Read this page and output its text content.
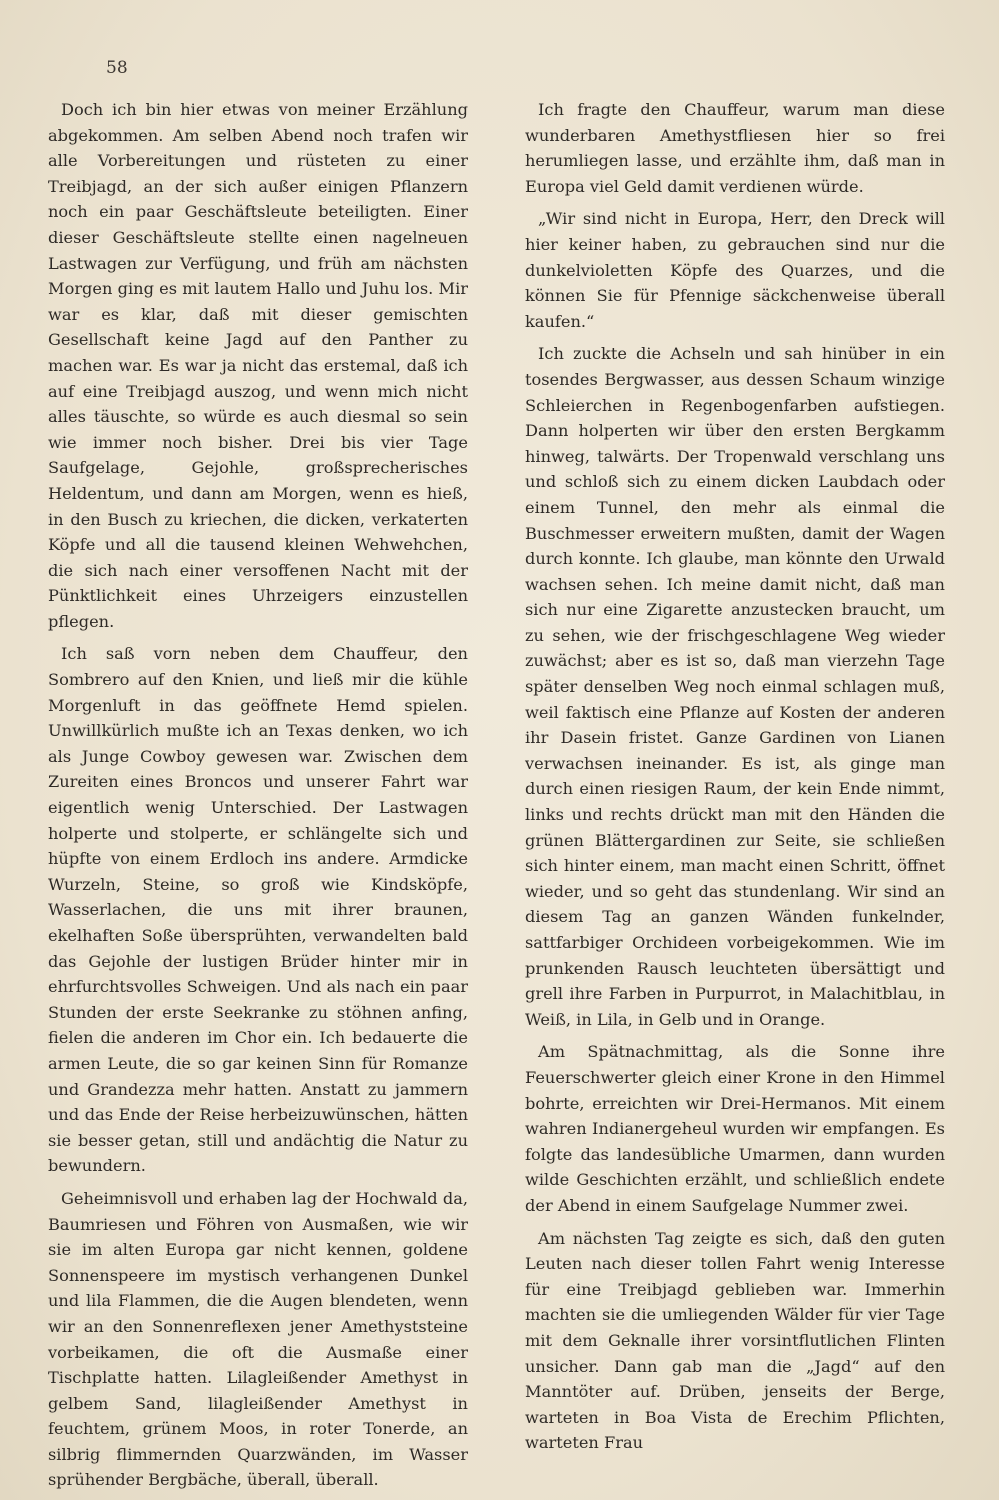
58

Doch ich bin hier etwas von meiner Erzählung abgekommen. Am selben Abend noch trafen wir alle Vorbereitungen und rüsteten zu einer Treibjagd, an der sich außer einigen Pflanzern noch ein paar Geschäftsleute beteiligten. Einer dieser Geschäftsleute stellte einen nagelneuen Lastwagen zur Verfügung, und früh am nächsten Morgen ging es mit lautem Hallo und Juhu los. Mir war es klar, daß mit dieser gemischten Gesellschaft keine Jagd auf den Panther zu machen war. Es war ja nicht das erstemal, daß ich auf eine Treibjagd auszog, und wenn mich nicht alles täuschte, so würde es auch diesmal so sein wie immer noch bisher. Drei bis vier Tage Saufgelage, Gejohle, großsprecherisches Heldentum, und dann am Morgen, wenn es hieß, in den Busch zu kriechen, die dicken, verkaterten Köpfe und all die tausend kleinen Wehwehchen, die sich nach einer versoffenen Nacht mit der Pünktlichkeit eines Uhrzeigers einzustellen pflegen.

Ich saß vorn neben dem Chauffeur, den Sombrero auf den Knien, und ließ mir die kühle Morgenluft in das geöffnete Hemd spielen. Unwillkürlich mußte ich an Texas denken, wo ich als Junge Cowboy gewesen war. Zwischen dem Zureiten eines Broncos und unserer Fahrt war eigentlich wenig Unterschied. Der Lastwagen holperte und stolperte, er schlängelte sich und hüpfte von einem Erdloch ins andere. Armdicke Wurzeln, Steine, so groß wie Kindsköpfe, Wasserlachen, die uns mit ihrer braunen, ekelhaften Soße übersprühten, verwandelten bald das Gejohle der lustigen Brüder hinter mir in ehrfurchtsvolles Schweigen. Und als nach ein paar Stunden der erste Seekranke zu stöhnen anfing, fielen die anderen im Chor ein. Ich bedauerte die armen Leute, die so gar keinen Sinn für Romanze und Grandezza mehr hatten. Anstatt zu jammern und das Ende der Reise herbeizuwünschen, hätten sie besser getan, still und andächtig die Natur zu bewundern.

Geheimnisvoll und erhaben lag der Hochwald da, Baumriesen und Föhren von Ausmaßen, wie wir sie im alten Europa gar nicht kennen, goldene Sonnenspeere im mystisch verhangenen Dunkel und lila Flammen, die die Augen blendeten, wenn wir an den Sonnenreflexen jener Amethyststeine vorbeikamen, die oft die Ausmaße einer Tischplatte hatten. Lilagleißender Amethyst in gelbem Sand, lilagleißender Amethyst in feuchtem, grünem Moos, in roter Tonerde, an silbrig flimmernden Quarzwänden, im Wasser sprühender Bergbäche, überall, überall.

Ich fragte den Chauffeur, warum man diese wunderbaren Amethystfliesen hier so frei herumliegen lasse, und erzählte ihm, daß man in Europa viel Geld damit verdienen würde.

„Wir sind nicht in Europa, Herr, den Dreck will hier keiner haben, zu gebrauchen sind nur die dunkelvioletten Köpfe des Quarzes, und die können Sie für Pfennige säckchenweise überall kaufen.“

Ich zuckte die Achseln und sah hinüber in ein tosendes Bergwasser, aus dessen Schaum winzige Schleierchen in Regenbogenfarben aufstiegen. Dann holperten wir über den ersten Bergkamm hinweg, talwärts. Der Tropenwald verschlang uns und schloß sich zu einem dicken Laubdach oder einem Tunnel, den mehr als einmal die Buschmesser erweitern mußten, damit der Wagen durch konnte. Ich glaube, man könnte den Urwald wachsen sehen. Ich meine damit nicht, daß man sich nur eine Zigarette anzustecken braucht, um zu sehen, wie der frischgeschlagene Weg wieder zuwächst; aber es ist so, daß man vierzehn Tage später denselben Weg noch einmal schlagen muß, weil faktisch eine Pflanze auf Kosten der anderen ihr Dasein fristet. Ganze Gardinen von Lianen verwachsen ineinander. Es ist, als ginge man durch einen riesigen Raum, der kein Ende nimmt, links und rechts drückt man mit den Händen die grünen Blättergardinen zur Seite, sie schließen sich hinter einem, man macht einen Schritt, öffnet wieder, und so geht das stundenlang. Wir sind an diesem Tag an ganzen Wänden funkelnder, sattfarbiger Orchideen vorbeigekommen. Wie im prunkenden Rausch leuchteten übersättigt und grell ihre Farben in Purpurrot, in Malachitblau, in Weiß, in Lila, in Gelb und in Orange.

Am Spätnachmittag, als die Sonne ihre Feuerschwerter gleich einer Krone in den Himmel bohrte, erreichten wir Drei-Hermanos. Mit einem wahren Indianergeheul wurden wir empfangen. Es folgte das landesübliche Umarmen, dann wurden wilde Geschichten erzählt, und schließlich endete der Abend in einem Saufgelage Nummer zwei.

Am nächsten Tag zeigte es sich, daß den guten Leuten nach dieser tollen Fahrt wenig Interesse für eine Treibjagd geblieben war. Immerhin machten sie die umliegenden Wälder für vier Tage mit dem Geknalle ihrer vorsintflutlichen Flinten unsicher. Dann gab man die „Jagd“ auf den Manntöter auf. Drüben, jenseits der Berge, warteten in Boa Vista de Erechim Pflichten, warteten Frau
